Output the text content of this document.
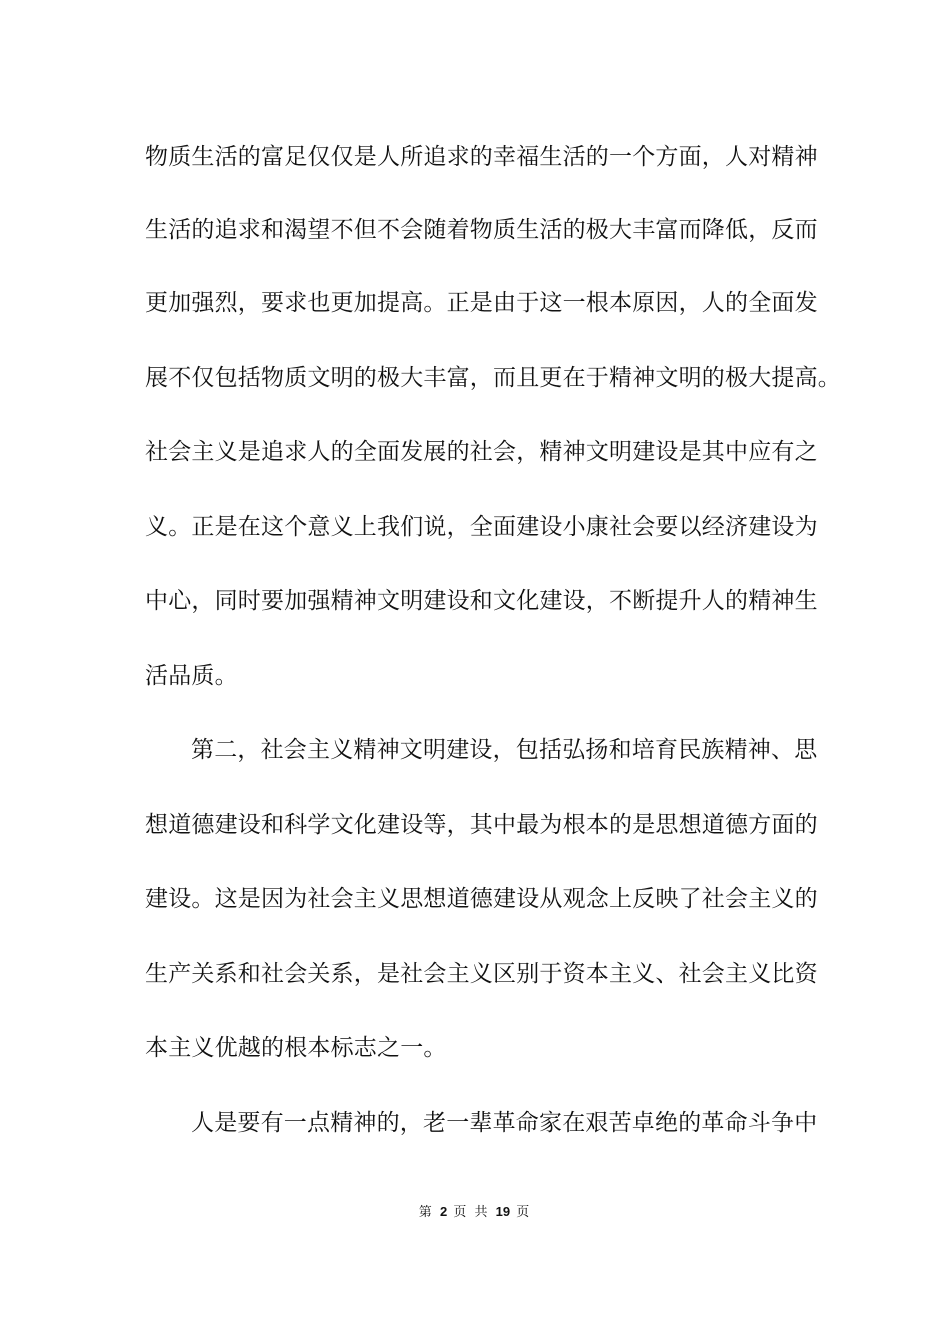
物质生活的富足仅仅是人所追求的幸福生活的一个方面，人对精神
生活的追求和渴望不但不会随着物质生活的极大丰富而降低，反而
更加强烈，要求也更加提高。正是由于这一根本原因，人的全面发
展不仅包括物质文明的极大丰富，而且更在于精神文明的极大提高。
社会主义是追求人的全面发展的社会，精神文明建设是其中应有之
义。正是在这个意义上我们说，全面建设小康社会要以经济建设为
中心，同时要加强精神文明建设和文化建设，不断提升人的精神生
活品质。
第二，社会主义精神文明建设，包括弘扬和培育民族精神、思
想道德建设和科学文化建设等，其中最为根本的是思想道德方面的
建设。这是因为社会主义思想道德建设从观念上反映了社会主义的
生产关系和社会关系，是社会主义区别于资本主义、社会主义比资
本主义优越的根本标志之一。
人是要有一点精神的，老一辈革命家在艰苦卓绝的革命斗争中
第 2 页 共 19 页
